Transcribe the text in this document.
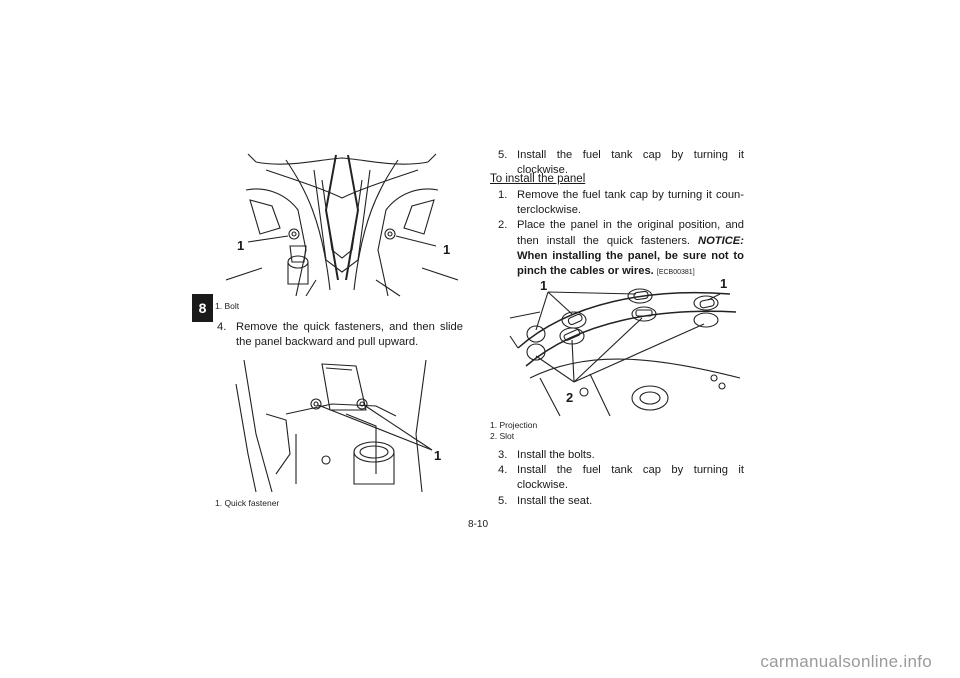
8
1	1
1. Bolt
4. Remove the quick fasteners, and then slide the panel backward and pull upward.
1
1. Quick fastener
5. Install the fuel tank cap by turning it clockwise.
To install the panel
1. Remove the fuel tank cap by turning it coun-terclockwise.
2. Place the panel in the original position, and then install the quick fasteners. NOTICE: When installing the panel, be sure not to pinch the cables or wires. [ECB00381]
1	1
2
1. Projection
2. Slot
3. Install the bolts.
4. Install the fuel tank cap by turning it clockwise.
5. Install the seat.
8-10
carmanualsonline.info
